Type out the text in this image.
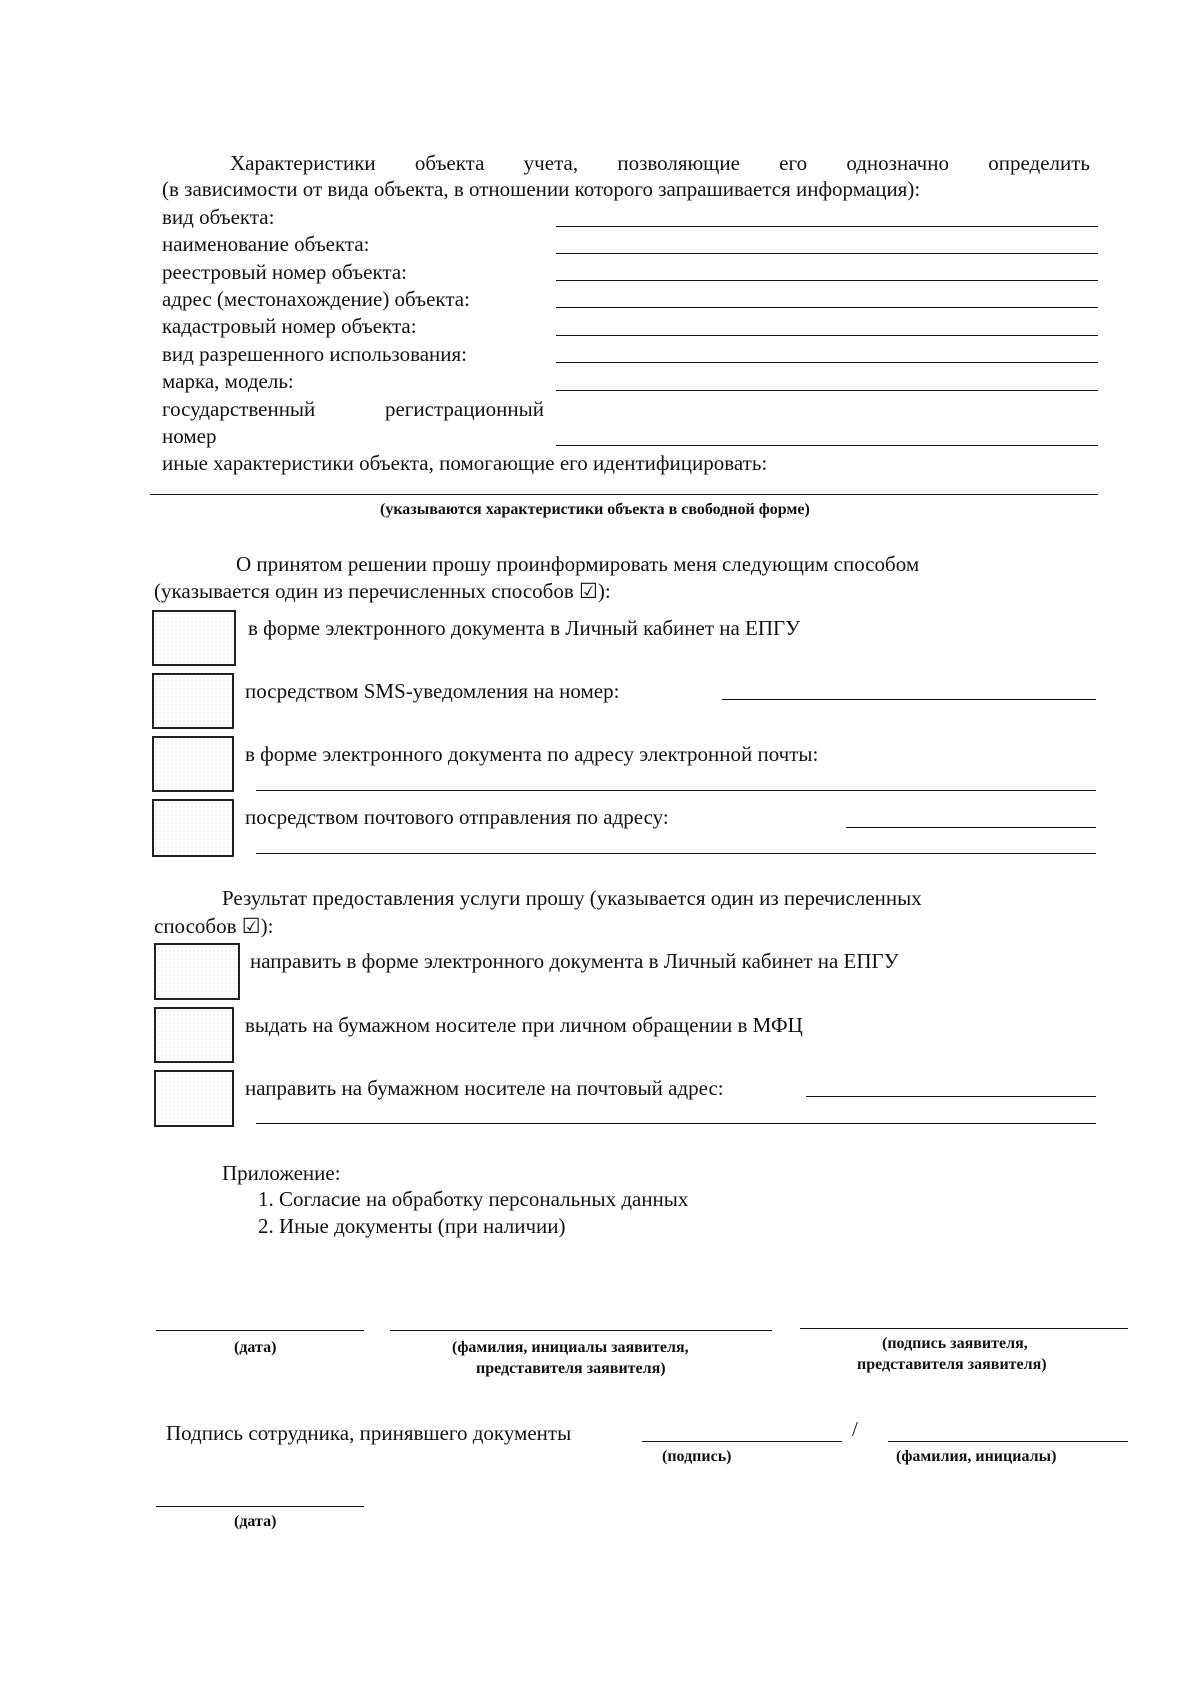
Характеристики объекта учета, позволяющие его однозначно определить
(в зависимости от вида объекта, в отношении которого запрашивается информация):
вид объекта:
наименование объекта:
реестровый номер объекта:
адрес (местонахождение) объекта:
кадастровый номер объекта:
вид разрешенного использования:
марка, модель:
государственный регистрационный
номер
иные характеристики объекта, помогающие его идентифицировать:
(указываются характеристики объекта в свободной форме)
О принятом решении прошу проинформировать меня следующим способом
(указывается один из перечисленных способов ☑):
в форме электронного документа в Личный кабинет на ЕПГУ
посредством SMS-уведомления на номер:
в форме электронного документа по адресу электронной почты:
посредством почтового отправления по адресу:
Результат предоставления услуги прошу (указывается один из перечисленных
способов ☑):
направить в форме электронного документа в Личный кабинет на ЕПГУ
выдать на бумажном носителе при личном обращении в МФЦ
направить на бумажном носителе на почтовый адрес:
Приложение:
1. Согласие на обработку персональных данных
2. Иные документы (при наличии)
(дата)	(фамилия, инициалы заявителя,
представителя заявителя)
(подпись заявителя,
представителя заявителя)
Подпись сотрудника, принявшего документы	/
(подпись)	(фамилия, инициалы)
(дата)
